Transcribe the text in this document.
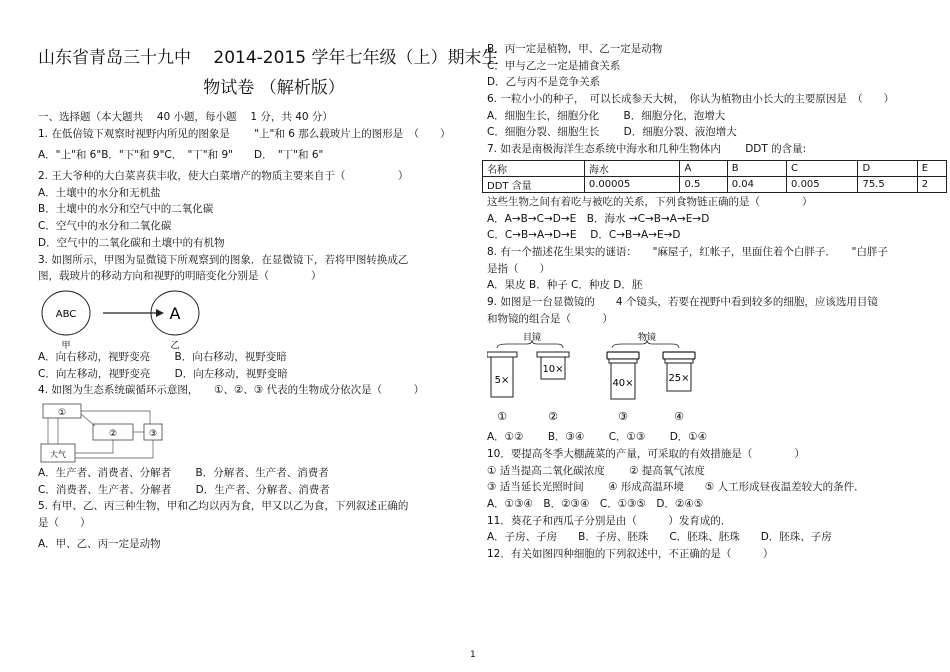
山东省青岛三十九中　 2014-2015 学年七年级（上）期末生
物试卷 （解析版）
一、选择题（本大题共　 40 小题，每小题　 1 分，共 40 分）
1. 在低倍镜下观察时视野内所见的图象是　　 "上"和 6 那么载玻片上的图形是　（　　）
A．"上"和 6"B．"下"和 9"C．　"丅"和 9"　　D．　"丅"和 6"
2. 王大爷种的大白菜喜获丰收，使大白菜增产的物质主要来自于（　　　　　）
A．土壤中的水分和无机盐
B．土壤中的水分和空气中的二氧化碳
C．空气中的水分和二氧化碳
D．空气中的二氧化碳和土壤中的有机物
3. 如图所示，甲图为显微镜下所观察到的图象．在显微镜下，若将甲图转换成乙
图，载玻片的移动方向和视野的明暗变化分别是（　　　　）
ABC	A
甲	乙
A．向右移动，视野变亮　　 B．向右移动，视野变暗
C．向左移动，视野变亮　　 D．向左移动，视野变暗
4. 如图为生态系统碳循环示意图，　　①、②、③ 代表的生物成分依次是（　　　）
①
②	③
大气
A．生产者、消费者、分解者　　 B．分解者、生产者、消费者
C．消费者、生产者、分解者　　 D．生产者、分解者、消费者
5. 有甲、乙、丙三种生物，甲和乙均以丙为食，甲又以乙为食，下列叙述正确的
是（　　）
A．甲、乙、丙一定是动物
B．丙一定是植物，甲、乙一定是动物
C．甲与乙之一定是捕食关系
D．乙与丙不是竞争关系
6. 一粒小小的种子，　可以长成参天大树，　你认为植物由小长大的主要原因是　（　　）
A．细胞生长，细胞分化　　 B．细胞分化，泡增大
C．细胞分裂、细胞生长　　 D．细胞分裂、液泡增大
7. 如表是南极海洋生态系统中海水和几种生物体内　　 DDT 的含量:
名称	海水	A	B	C	D	E
DDT 含量	0.00005	0.5	0.04	0.005	75.5	2
这些生物之间有着吃与被吃的关系，下列食物链正确的是（　　　　）
A．A→B→C→D→E　B．海水 →C→B→A→E→D
C．C→B→A→D→E　 D．C→B→A→E→D
8. 有一个描述花生果实的谜语：　　"麻屋子，红帐子，里面住着个白胖子．　　"白胖子
是指（　　）
A．果皮 B．种子 C．种皮 D．胚
9. 如图是一台显微镜的　　4 个镜头，若要在视野中看到较多的细胞，应该选用目镜
和物镜的组合是（　　　）
目镜	物镜
5×
10×
40×	25×
①	②	③	④
A．①②　　 B．③④　　 C．①③　　 D．①④
10．要提高冬季大棚蔬菜的产量，可采取的有效措施是（　　　　）
① 适当提高二氧化碳浓度　　 ② 提高氧气浓度
③ 适当延长光照时间　　 ④ 形成高温环境　　⑤ 人工形成昼夜温差较大的条件．
A．①③④　B．②③④　C．①③⑤　D．②④⑤
11．葵花子和西瓜子分别是由（　　　）发育成的．
A．子房、子房　　B．子房、胚珠　　C．胚珠、胚珠　　D．胚珠、子房
12．有关如图四种细胞的下列叙述中，不正确的是（　　　）
1
